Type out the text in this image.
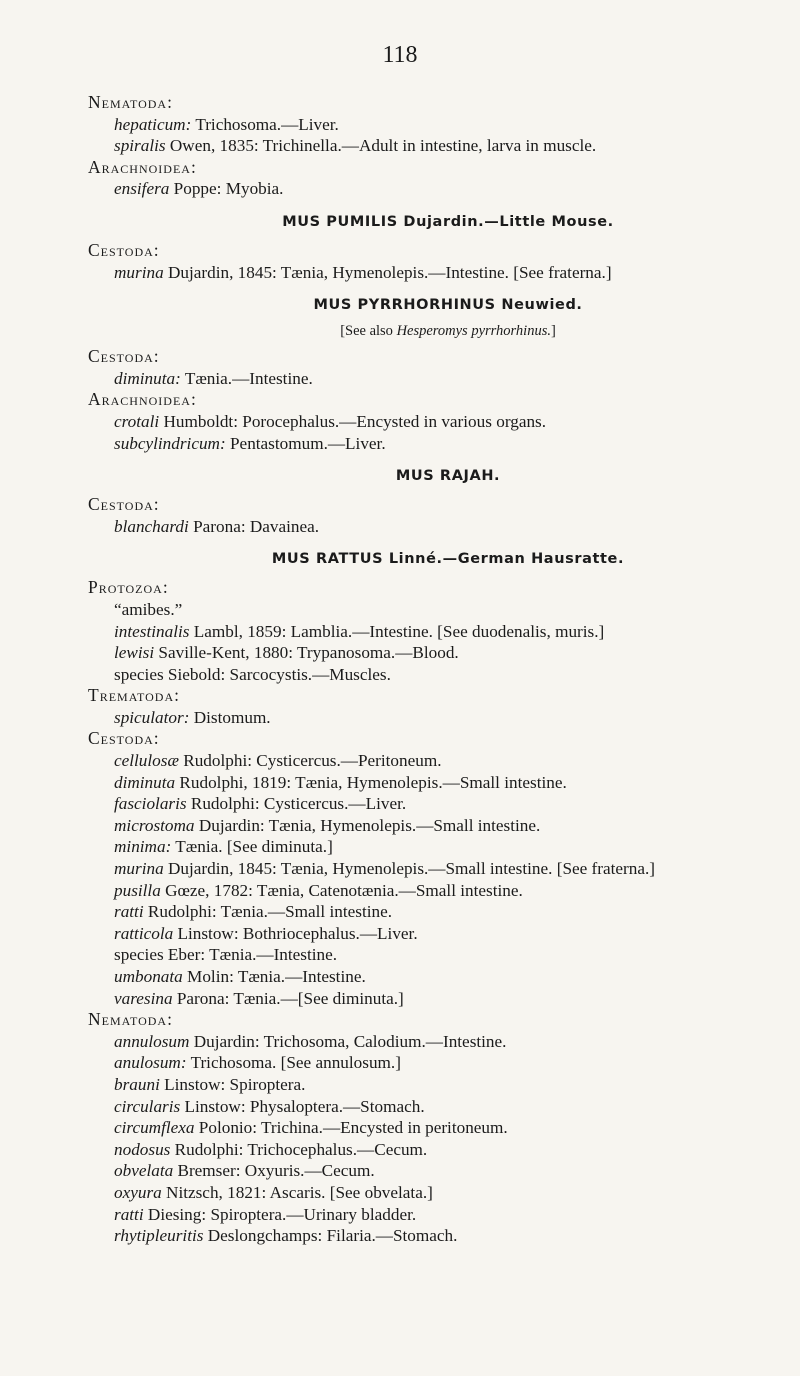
118
Nematoda:
hepaticum: Trichosoma.—Liver.
spiralis Owen, 1835: Trichinella.—Adult in intestine, larva in muscle.
Arachnoidea:
ensifera Poppe: Myobia.
MUS PUMILIS Dujardin.—Little Mouse.
Cestoda:
murina Dujardin, 1845: Tænia, Hymenolepis.—Intestine. [See fraterna.]
MUS PYRRHORHINUS Neuwied.
[See also Hesperomys pyrrhorhinus.]
Cestoda:
diminuta: Tænia.—Intestine.
Arachnoidea:
crotali Humboldt: Porocephalus.—Encysted in various organs.
subcylindricum: Pentastomum.—Liver.
MUS RAJAH.
Cestoda:
blanchardi Parona: Davainea.
MUS RATTUS Linné.—German Hausratte.
Protozoa:
“amibes.”
intestinalis Lambl, 1859: Lamblia.—Intestine. [See duodenalis, muris.]
lewisi Saville-Kent, 1880: Trypanosoma.—Blood.
species Siebold: Sarcocystis.—Muscles.
Trematoda:
spiculator: Distomum.
Cestoda:
cellulosæ Rudolphi: Cysticercus.—Peritoneum.
diminuta Rudolphi, 1819: Tænia, Hymenolepis.—Small intestine.
fasciolaris Rudolphi: Cysticercus.—Liver.
microstoma Dujardin: Tænia, Hymenolepis.—Small intestine.
minima: Tænia. [See diminuta.]
murina Dujardin, 1845: Tænia, Hymenolepis.—Small intestine. [See fraterna.]
pusilla Gœze, 1782: Tænia, Catenotænia.—Small intestine.
ratti Rudolphi: Tænia.—Small intestine.
ratticola Linstow: Bothriocephalus.—Liver.
species Eber: Tænia.—Intestine.
umbonata Molin: Tænia.—Intestine.
varesina Parona: Tænia.—[See diminuta.]
Nematoda:
annulosum Dujardin: Trichosoma, Calodium.—Intestine.
anulosum: Trichosoma. [See annulosum.]
brauni Linstow: Spiroptera.
circularis Linstow: Physaloptera.—Stomach.
circumflexa Polonio: Trichina.—Encysted in peritoneum.
nodosus Rudolphi: Trichocephalus.—Cecum.
obvelata Bremser: Oxyuris.—Cecum.
oxyura Nitzsch, 1821: Ascaris. [See obvelata.]
ratti Diesing: Spiroptera.—Urinary bladder.
rhytipleuritis Deslongchamps: Filaria.—Stomach.
